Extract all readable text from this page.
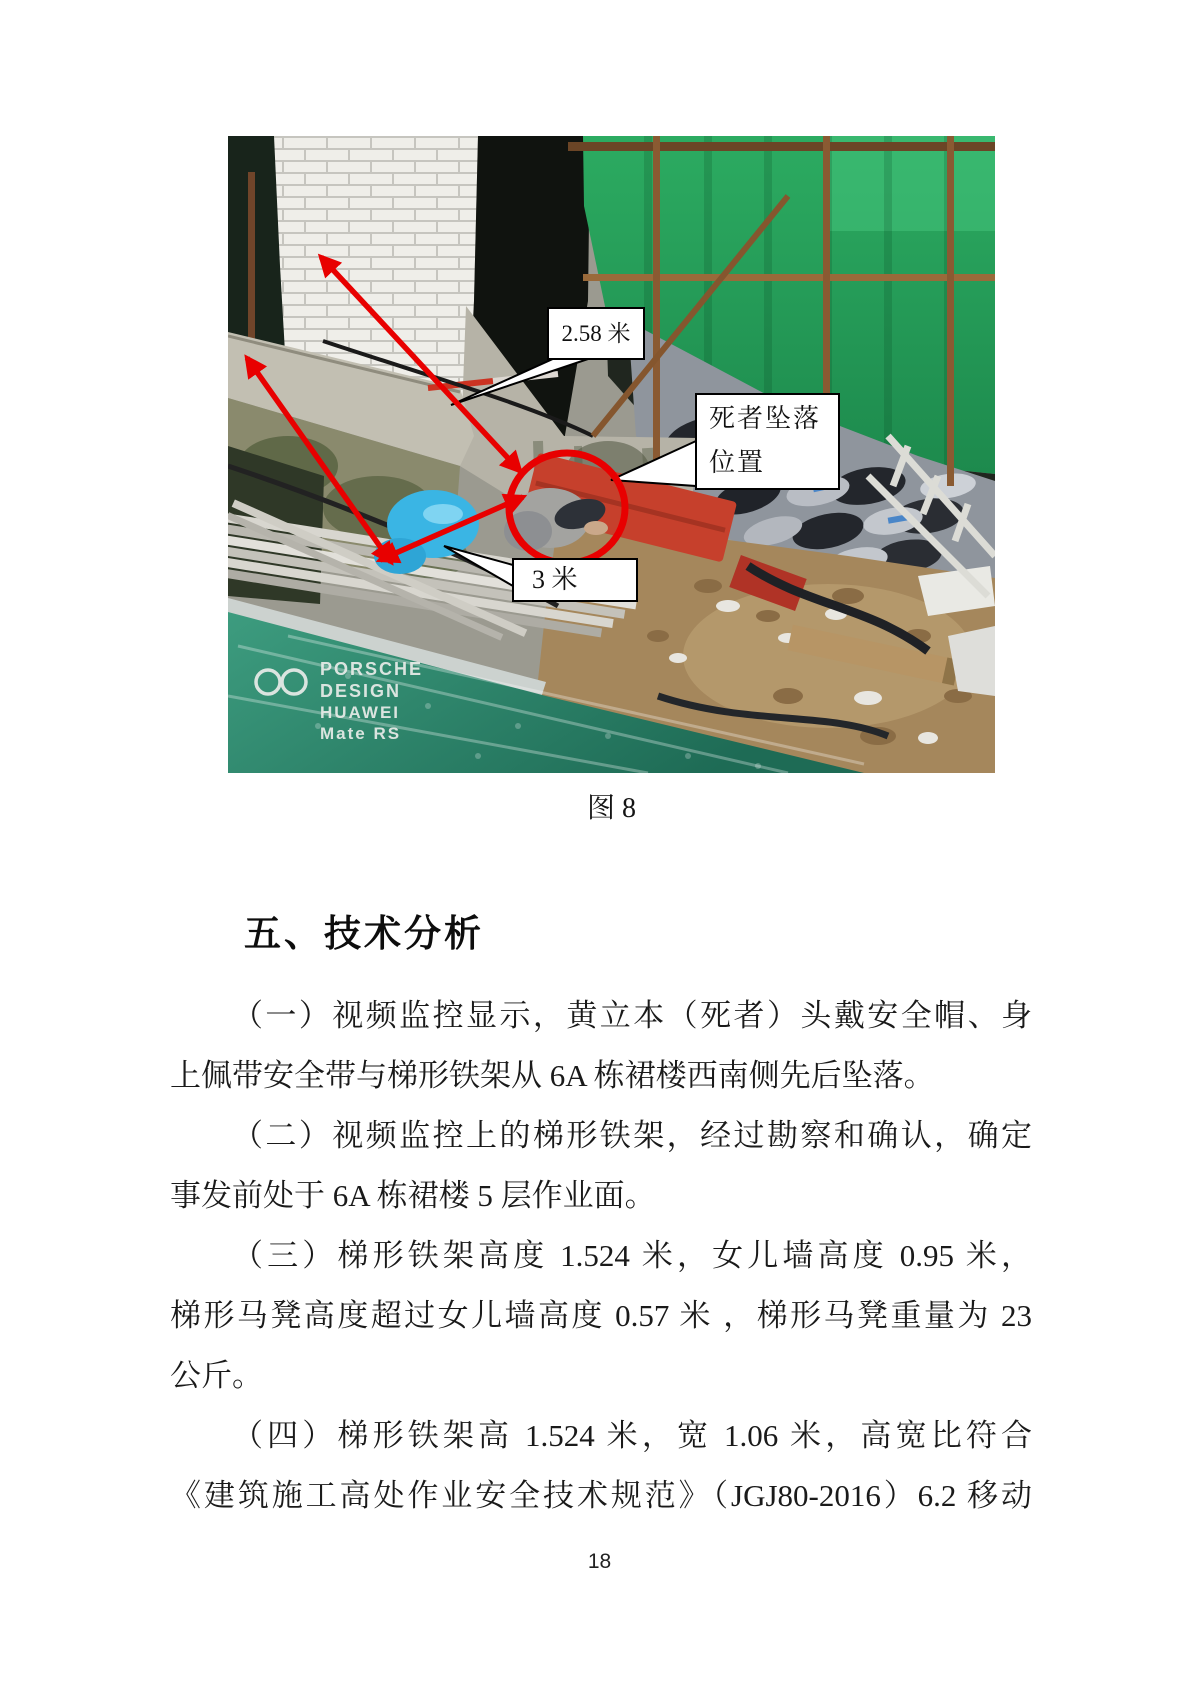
2.58 米
死者坠落位置
3 米
PORSCHE DESIGN
HUAWEI Mate RS
图 8
五、技术分析
（一）视频监控显示，黄立本（死者）头戴安全帽、身
上佩带安全带与梯形铁架从 6A 栋裙楼西南侧先后坠落。
（二）视频监控上的梯形铁架，经过勘察和确认，确定
事发前处于 6A 栋裙楼 5 层作业面。
（三）梯形铁架高度 1.524 米，女儿墙高度 0.95 米，
梯形马凳高度超过女儿墙高度 0.57 米 ，梯形马凳重量为 23
公斤。
（四）梯形铁架高 1.524 米，宽 1.06 米，高宽比符合
《建筑施工高处作业安全技术规范》（JGJ80-2016）6.2 移动
18
